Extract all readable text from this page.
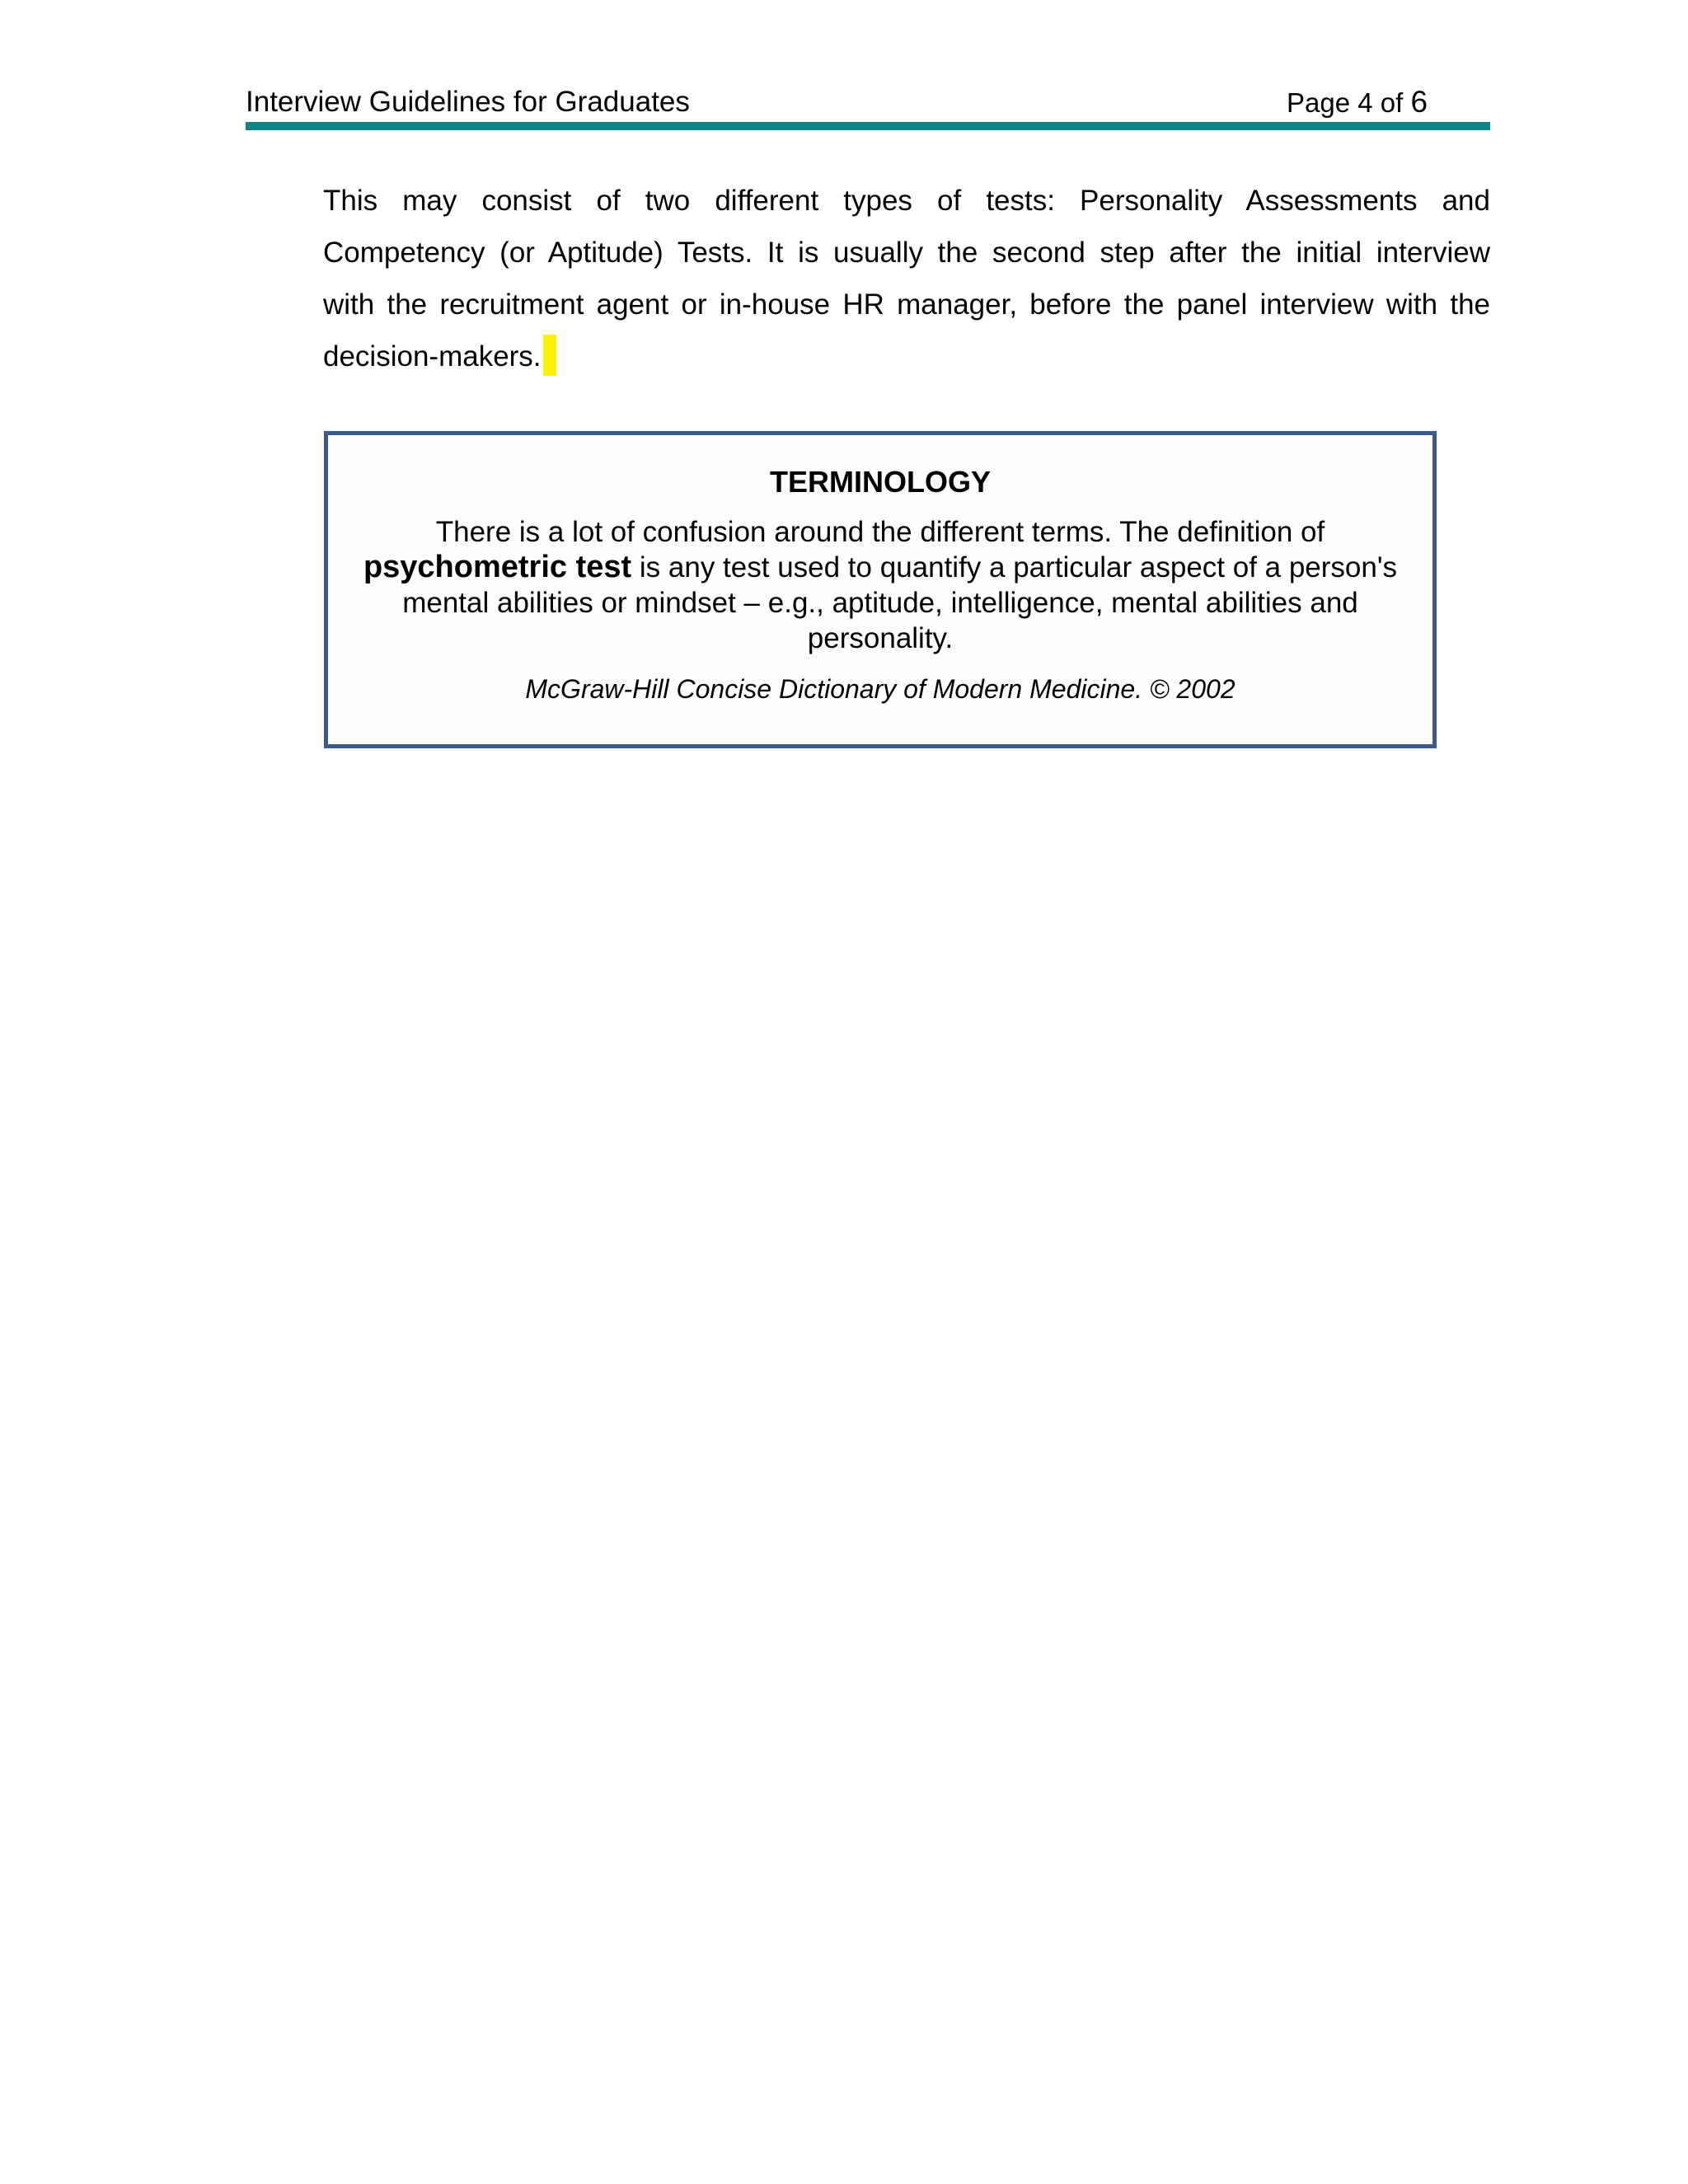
Interview Guidelines for Graduates	Page 4 of 6
This may consist of two different types of tests: Personality Assessments and
Competency (or Aptitude) Tests. It is usually the second step after the initial interview
with the recruitment agent or in-house HR manager, before the panel interview with the
decision-makers.
TERMINOLOGY
There is a lot of confusion around the different terms. The definition of psychometric test is any test used to quantify a particular aspect of a person's mental abilities or mindset – e.g., aptitude, intelligence, mental abilities and personality.
McGraw-Hill Concise Dictionary of Modern Medicine. © 2002
